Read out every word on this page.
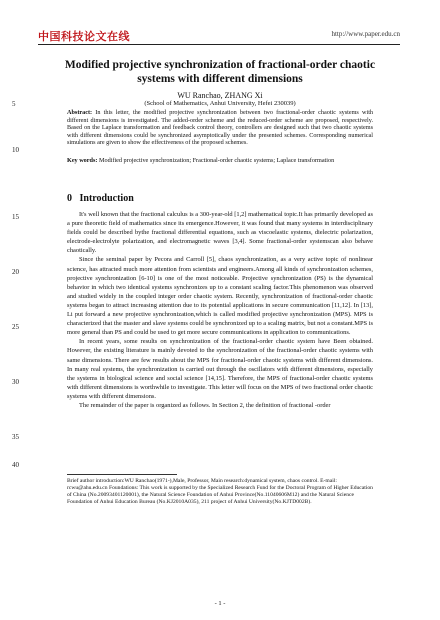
中国科技论文在线	http://www.paper.edu.cn
Modified projective synchronization of fractional-order chaotic systems with different dimensions
WU Ranchao, ZHANG Xi
(School of Mathematics, Anhui University, Hefei 230039)
5
10
15
20
25
30
35
40
Abstract: In this letter, the modified projective synchronization between two fractional-order chaotic systems with different dimensions is investigated. The added-order scheme and the reduced-order scheme are proposed, respectively. Based on the Laplace transformation and feedback control theory, controllers are designed such that two chaotic systems with different dimensions could be synchronized asymptotically under the presented schemes. Corresponding numerical simulations are given to show the effectiveness of the proposed schemes.
Key words: Modified projective synchronization; Fractional-order chaotic systems; Laplace transformation
0 Introduction

It's well known that the fractional calculus is a 300-year-old [1,2] mathematical topic.It has primarily developed as a pure theoretic field of mathematics since its emergence.However, it was found that many systems in interdisciplinary fields could be described bythe fractional differential equations, such as viscoelastic systems, dielectric polarization, electrode-electrolyte polarization, and electromagnetic waves [3,4]. Some fractional-order systemscan also behave chaotically.

Since the seminal paper by Pecora and Carroll [5], chaos synchronization, as a very active topic of nonlinear science, has attracted much more attention from scientists and engineers.Among all kinds of synchronization schemes, projective synchronization [6-10] is one of the most noticeable. Projective synchronization (PS) is the dynamical behavior in which two identical systems synchronizes up to a constant scaling factor.This phenomenon was observed and studied widely in the coupled integer order chaotic system. Recently, synchronization of fractional-order chaotic systems began to attract increasing attention due to its potential applications in secure communication [11,12]. In [13], Li put forward a new projective synchronization,which is called modified projective synchronization (MPS). MPS is characterized that the master and slave systems could be synchronized up to a scaling matrix, but not a constant.MPS is more general than PS and could be used to get more secure communications in application to communications.

In recent years, some results on synchronization of the fractional-order chaotic system have Been obtained. However, the existing literature is mainly devoted to the synchronization of the fractional-order chaotic systems with same dimensions. There are few results about the MPS for fractional-order chaotic systems with different dimensions. In many real systems, the synchronization is carried out through the oscillators with different dimensions, especially the systems in biological science and social science [14,15]. Therefore, the MPS of fractional-order chaotic systems with different dimensions is worthwhile to investigate. This letter will focus on the MPS of two fractional order chaotic systems with different dimensions.

The remainder of the paper is organized as follows. In Section 2, the definition of fractional -order

Brief author introduction:WU Ranchao(1971-),Male, Professor, Main research:dynamical system, chaos control. E-mail: rcwu@ahu.edu.cn Foundations: This work is supported by the Specialized Research Fund for the Doctoral Program of Higher Education of China (No.20093401120001), the Natural Science Foundation of Anhui Province(No.11040606M12) and the Natural Science Foundation of Anhui Education Bureau (No.KJ2010A035), 211 project of Anhui University(No.KJTD002B).
- 1 -
